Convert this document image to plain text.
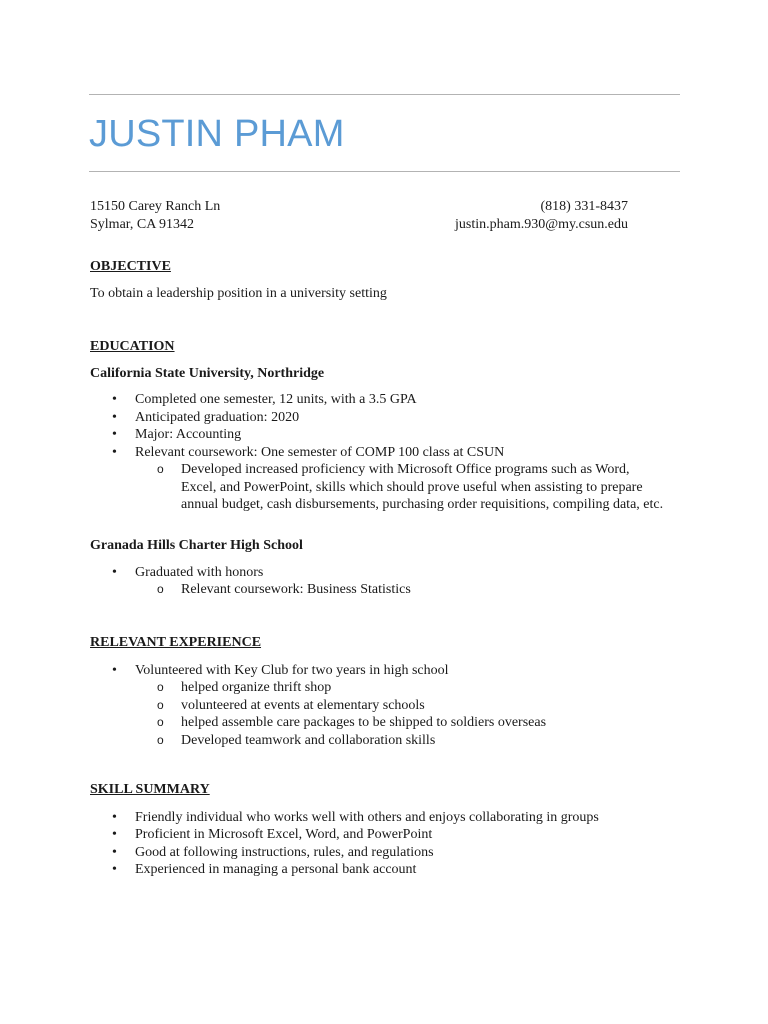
JUSTIN PHAM
15150 Carey Ranch Ln
Sylmar, CA 91342
(818) 331-8437
justin.pham.930@my.csun.edu
OBJECTIVE
To obtain a leadership position in a university setting
EDUCATION
California State University, Northridge
• Completed one semester, 12 units, with a 3.5 GPA
• Anticipated graduation: 2020
• Major: Accounting
• Relevant coursework: One semester of COMP 100 class at CSUN
o Developed increased proficiency with Microsoft Office programs such as Word, Excel, and PowerPoint, skills which should prove useful when assisting to prepare annual budget, cash disbursements, purchasing order requisitions, compiling data, etc.
Granada Hills Charter High School
• Graduated with honors
o Relevant coursework: Business Statistics
RELEVANT EXPERIENCE
• Volunteered with Key Club for two years in high school
o helped organize thrift shop
o volunteered at events at elementary schools
o helped assemble care packages to be shipped to soldiers overseas
o Developed teamwork and collaboration skills
SKILL SUMMARY
• Friendly individual who works well with others and enjoys collaborating in groups
• Proficient in Microsoft Excel, Word, and PowerPoint
• Good at following instructions, rules, and regulations
• Experienced in managing a personal bank account
